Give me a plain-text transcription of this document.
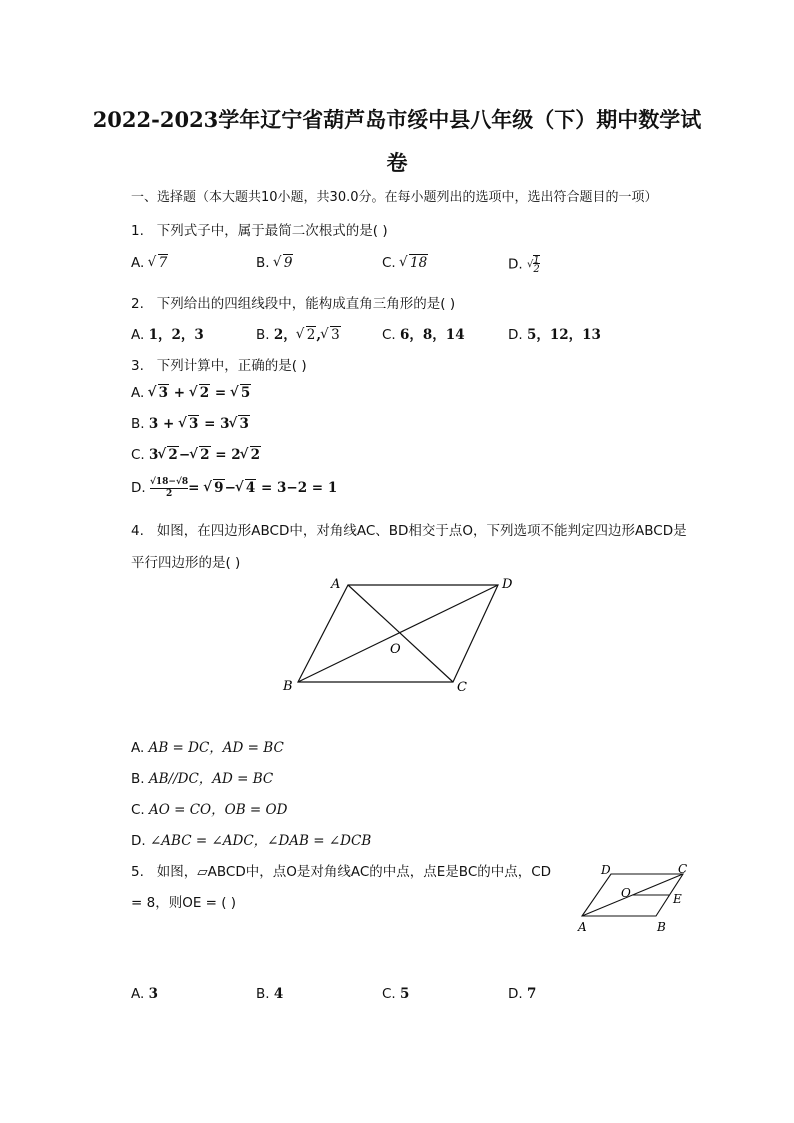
2022-2023学年辽宁省葫芦岛市绥中县八年级（下）期中数学试
卷
一、选择题（本大题共10小题，共30.0分。在每小题列出的选项中，选出符合题目的一项）
1. 下列式子中，属于最简二次根式的是( )
A. √ 7	B. √ 9	C. √ 18	D. √1
2
2. 下列给出的四组线段中，能构成直角三角形的是( )
A. 1，2，3	B. 2， √ 2, √ 3	C. 6，8，14	D. 5，12，13
3. 下列计算中，正确的是( )
A. √ 3 + √ 2 = √ 5
B. 3 + √ 3 = 3 √ 3
C. 3 √ 2− √ 2 = 2 √ 2
D. √18−√8
2= √ 9− √ 4 = 3−2 = 1
4. 如图，在四边形ABCD中，对角线AC、BD相交于点O，下列选项不能判定四边形ABCD是
平行四边形的是( )
A	D
O
B	C
A. AB = DC，AD = BC
B. AB//DC，AD = BC
C. AO = CO，OB = OD
D. ∠ABC = ∠ADC，∠DAB = ∠DCB
5. 如图，▱ABCD中，点O是对角线AC的中点，点E是BC的中点，CD
= 8，则OE = ( )
D	C
O	E
A	B
A. 3	B. 4	C. 5	D. 7
